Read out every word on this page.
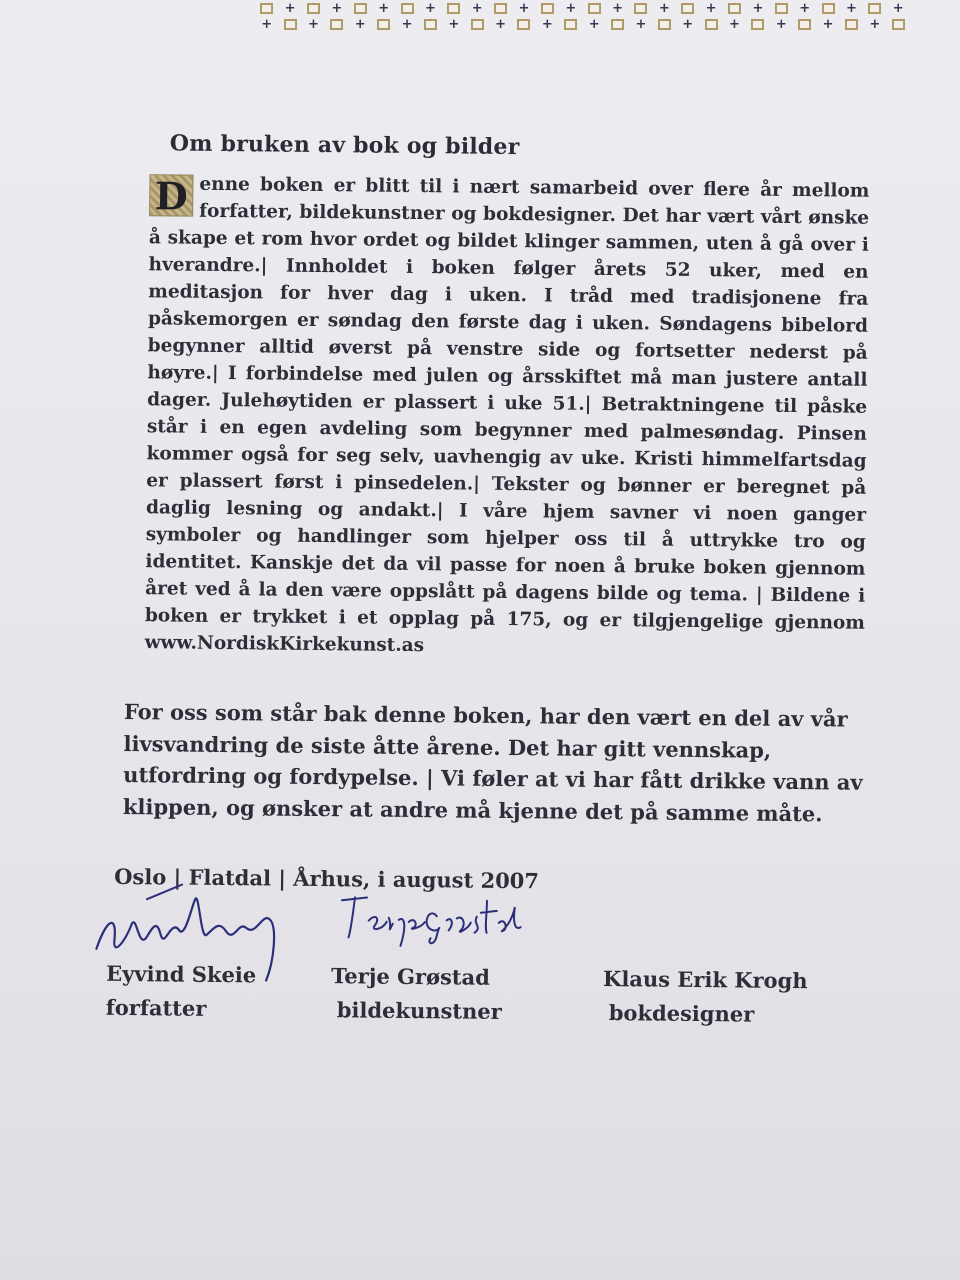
+	+	+	+	+	+	+	+	+	+	+	+	+	+
+	+	+	+	+	+	+	+	+	+	+	+	+	+
Om bruken av bok og bilder
D enne boken er blitt til i nært samarbeid over flere år mellom forfatter, bildekunstner og bokdesigner. Det har vært vårt ønske å skape et rom hvor ordet og bildet klinger sammen, uten å gå over i hverandre.| Innholdet i boken følger årets 52 uker, med en meditasjon for hver dag i uken. I tråd med tradisjonene fra påskemorgen er søndag den første dag i uken. Søndagens bibelord begynner alltid øverst på venstre side og fortsetter nederst på høyre.| I forbindelse med julen og årsskiftet må man justere antall dager. Julehøytiden er plassert i uke 51.| Betraktningene til påske står i en egen avdeling som begynner med palmesøndag. Pinsen kommer også for seg selv, uavhengig av uke. Kristi himmelfartsdag er plassert først i pinsedelen.| Tekster og bønner er beregnet på daglig lesning og andakt.| I våre hjem savner vi noen ganger symboler og handlinger som hjelper oss til å uttrykke tro og identitet. Kanskje det da vil passe for noen å bruke boken gjennom året ved å la den være oppslått på dagens bilde og tema. | Bildene i boken er trykket i et opplag på 175, og er tilgjengelige gjennom www.NordiskKirkekunst.as
For oss som står bak denne boken, har den vært en del av vår livsvandring de siste åtte årene. Det har gitt vennskap, utfordring og fordypelse. | Vi føler at vi har fått drikke vann av klippen, og ønsker at andre må kjenne det på samme måte.
Oslo | Flatdal | Århus, i august 2007
Eyvind Skeie
forfatter
Terje Grøstad
bildekunstner
Klaus Erik Krogh
bokdesigner
